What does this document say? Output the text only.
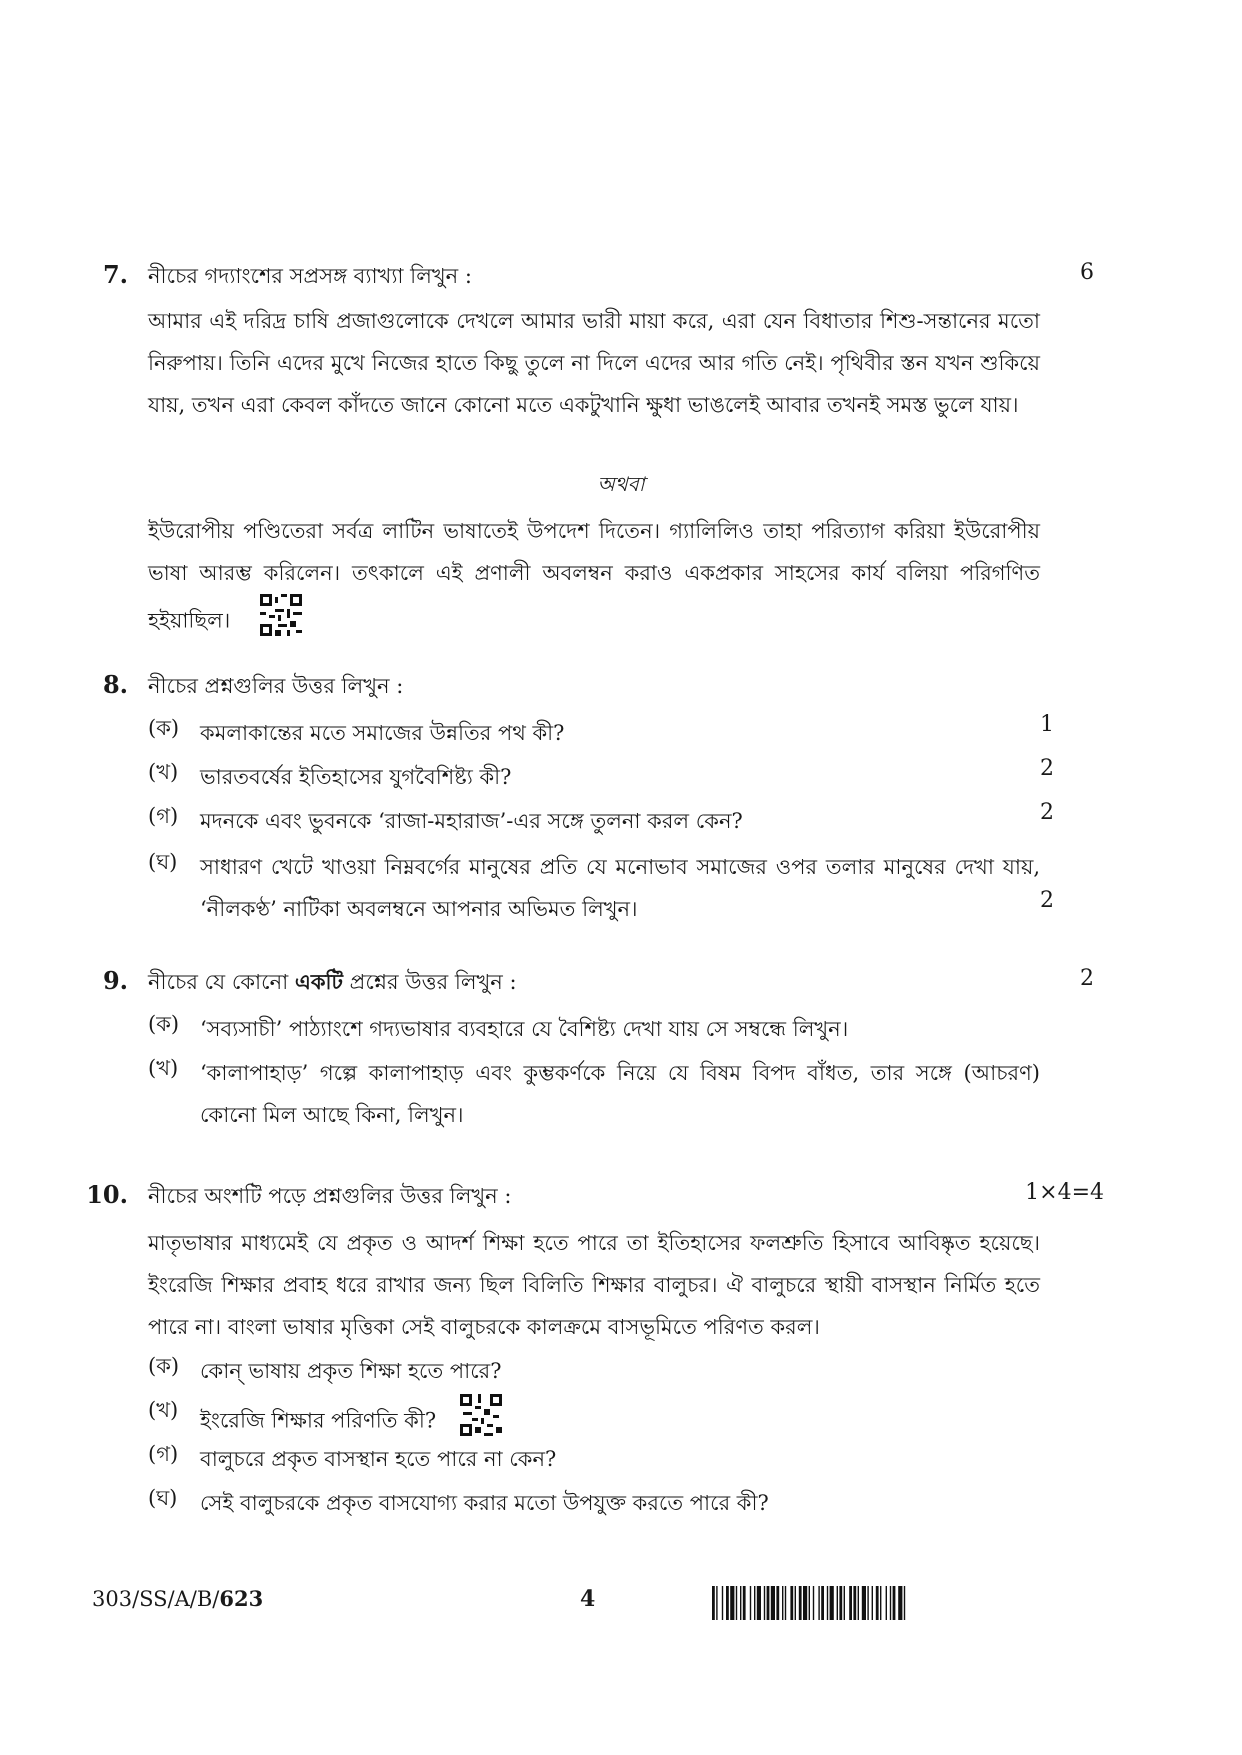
7. নীচের গদ্যাংশের সপ্রসঙ্গ ব্যাখ্যা লিখুন :	6

আমার এই দরিদ্র চাষি প্রজাগুলোকে দেখলে আমার ভারী মায়া করে, এরা যেন বিধাতার শিশু-সন্তানের মতো নিরুপায়। তিনি এদের মুখে নিজের হাতে কিছু তুলে না দিলে এদের আর গতি নেই। পৃথিবীর স্তন যখন শুকিয়ে যায়, তখন এরা কেবল কাঁদতে জানে কোনো মতে একটুখানি ক্ষুধা ভাঙলেই আবার তখনই সমস্ত ভুলে যায়।

অথবা

ইউরোপীয় পণ্ডিতেরা সর্বত্র লাটিন ভাষাতেই উপদেশ দিতেন। গ্যালিলিও তাহা পরিত্যাগ করিয়া ইউরোপীয় ভাষা আরম্ভ করিলেন। তৎকালে এই প্রণালী অবলম্বন করাও একপ্রকার সাহসের কার্য বলিয়া পরিগণিত হইয়াছিল।

8. নীচের প্রশ্নগুলির উত্তর লিখুন :
(ক) কমলাকান্তের মতে সমাজের উন্নতির পথ কী?	1
(খ)	ভারতবর্ষের ইতিহাসের যুগবৈশিষ্ট্য কী?	2
(গ)	মদনকে এবং ভুবনকে ‘রাজা-মহারাজ’-এর সঙ্গে তুলনা করল কেন?	2
(ঘ)	সাধারণ খেটে খাওয়া নিম্নবর্গের মানুষের প্রতি যে মনোভাব সমাজের ওপর তলার মানুষের দেখা যায়, ‘নীলকণ্ঠ’ নাটিকা অবলম্বনে আপনার অভিমত লিখুন।	2
9. নীচের যে কোনো একটি প্রশ্নের উত্তর লিখুন :	2
(ক) ‘সব্যসাচী’ পাঠ্যাংশে গদ্যভাষার ব্যবহারে যে বৈশিষ্ট্য দেখা যায় সে সম্বন্ধে লিখুন।
(খ)	‘কালাপাহাড়’ গল্পে কালাপাহাড় এবং কুম্ভকর্ণকে নিয়ে যে বিষম বিপদ বাঁধত, তার সঙ্গে (আচরণ) কোনো মিল আছে কিনা, লিখুন।
10. নীচের অংশটি পড়ে প্রশ্নগুলির উত্তর লিখুন :	1×4=4

মাতৃভাষার মাধ্যমেই যে প্রকৃত ও আদর্শ শিক্ষা হতে পারে তা ইতিহাসের ফলশ্রুতি হিসাবে আবিষ্কৃত হয়েছে। ইংরেজি শিক্ষার প্রবাহ ধরে রাখার জন্য ছিল বিলিতি শিক্ষার বালুচর। ঐ বালুচরে স্থায়ী বাসস্থান নির্মিত হতে পারে না। বাংলা ভাষার মৃত্তিকা সেই বালুচরকে কালক্রমে বাসভূমিতে পরিণত করল।

(ক) কোন্ ভাষায় প্রকৃত শিক্ষা হতে পারে?
(খ)	ইংরেজি শিক্ষার পরিণতি কী?
(গ)	বালুচরে প্রকৃত বাসস্থান হতে পারে না কেন?
(ঘ)	সেই বালুচরকে প্রকৃত বাসযোগ্য করার মতো উপযুক্ত করতে পারে কী?
303/SS/A/B/623	4
